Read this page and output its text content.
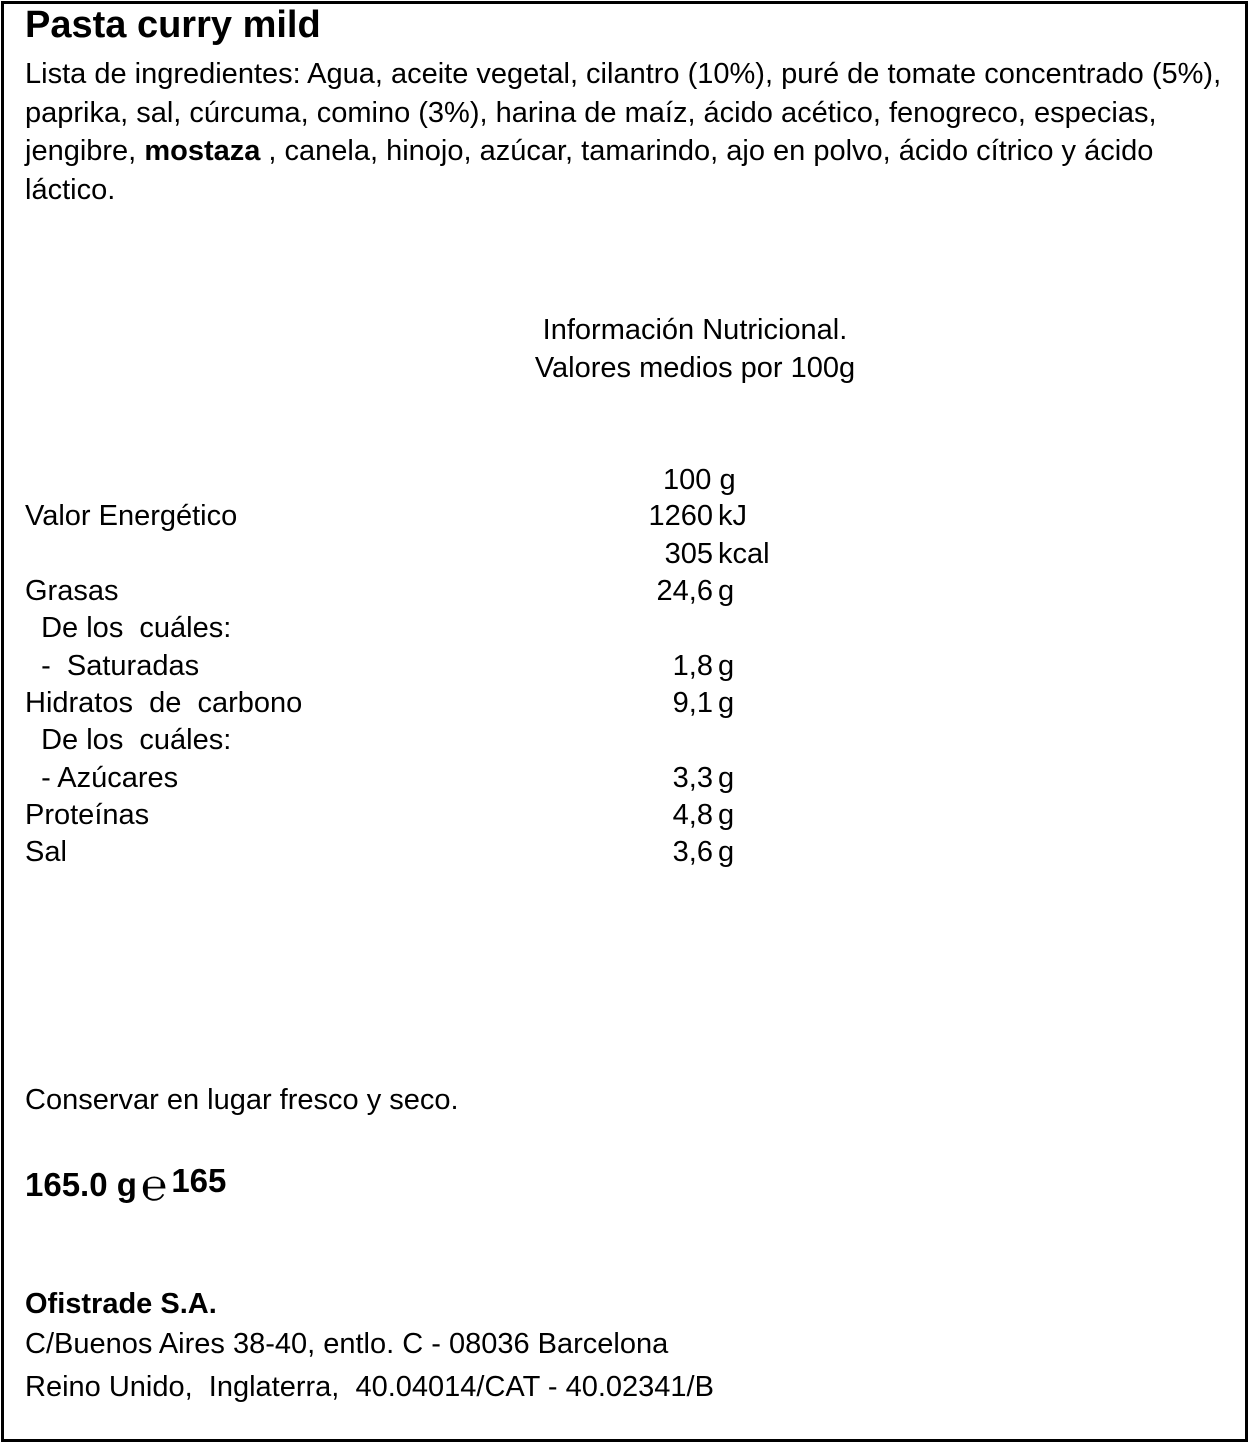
Pasta curry mild
Lista de ingredientes: Agua, aceite vegetal, cilantro (10%), puré de tomate concentrado (5%), paprika, sal, cúrcuma, comino (3%), harina de maíz, ácido acético, fenogreco, especias, jengibre, mostaza , canela, hinojo, azúcar, tamarindo, ajo en polvo, ácido cítrico y ácido láctico.
Información Nutricional.
Valores medios por 100g
100 g
Valor Energético	1260 kJ
305 kcal
Grasas	24,6 g
De los  cuáles:
-  Saturadas	1,8 g
Hidratos  de  carbono	9,1 g
De los  cuáles:
- Azúcares	3,3 g
Proteínas	4,8 g
Sal	3,6 g
Conservar en lugar fresco y seco.
165.0 g℮ 165
Ofistrade S.A.
C/Buenos Aires 38-40, entlo. C - 08036 Barcelona
Reino Unido,  Inglaterra,  40.04014/CAT - 40.02341/B
